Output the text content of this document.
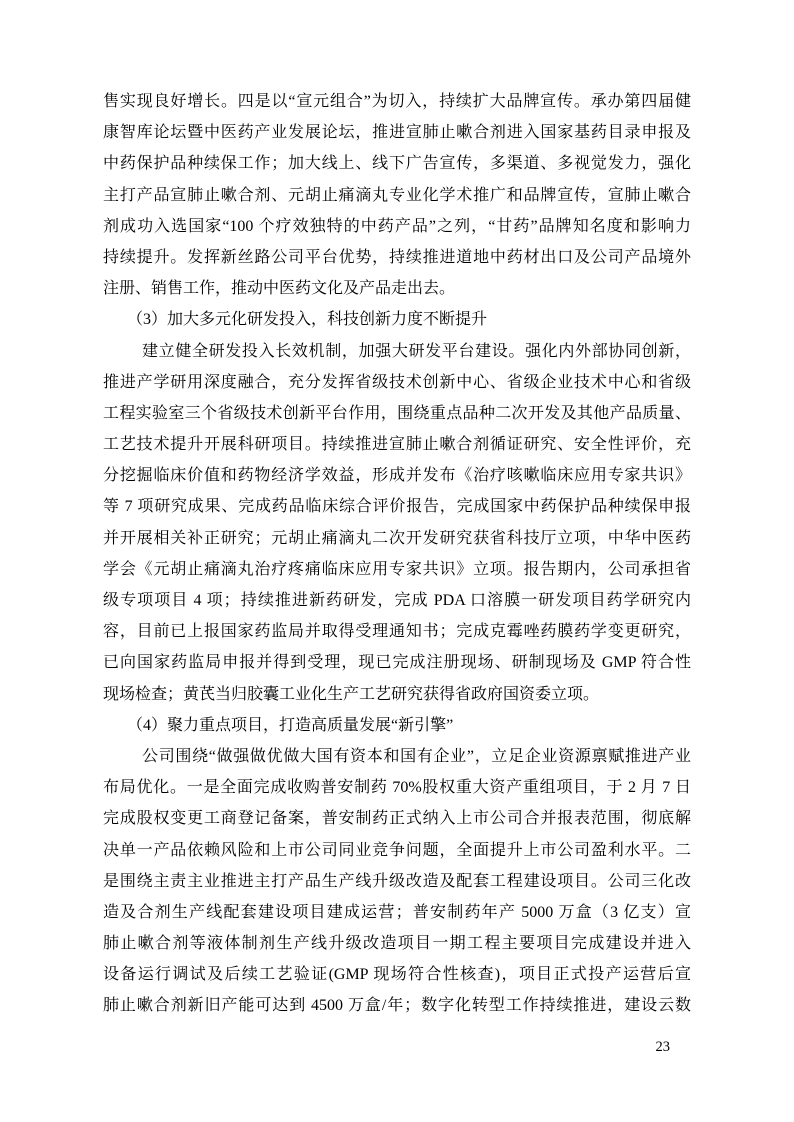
售实现良好增长。四是以“宣元组合”为切入，持续扩大品牌宣传。承办第四届健
康智库论坛暨中医药产业发展论坛，推进宣肺止嗽合剂进入国家基药目录申报及
中药保护品种续保工作；加大线上、线下广告宣传，多渠道、多视觉发力，强化
主打产品宣肺止嗽合剂、元胡止痛滴丸专业化学术推广和品牌宣传，宣肺止嗽合
剂成功入选国家“100 个疗效独特的中药产品”之列，“甘药”品牌知名度和影响力
持续提升。发挥新丝路公司平台优势，持续推进道地中药材出口及公司产品境外
注册、销售工作，推动中医药文化及产品走出去。
（3）加大多元化研发投入，科技创新力度不断提升
建立健全研发投入长效机制，加强大研发平台建设。强化内外部协同创新，
推进产学研用深度融合，充分发挥省级技术创新中心、省级企业技术中心和省级
工程实验室三个省级技术创新平台作用，围绕重点品种二次开发及其他产品质量、
工艺技术提升开展科研项目。持续推进宣肺止嗽合剂循证研究、安全性评价，充
分挖掘临床价值和药物经济学效益，形成并发布《治疗咳嗽临床应用专家共识》
等 7 项研究成果、完成药品临床综合评价报告，完成国家中药保护品种续保申报
并开展相关补正研究；元胡止痛滴丸二次开发研究获省科技厅立项，中华中医药
学会《元胡止痛滴丸治疗疼痛临床应用专家共识》立项。报告期内，公司承担省
级专项项目 4 项；持续推进新药研发，完成 PDA 口溶膜一研发项目药学研究内
容，目前已上报国家药监局并取得受理通知书；完成克霉唑药膜药学变更研究，
已向国家药监局申报并得到受理，现已完成注册现场、研制现场及 GMP 符合性
现场检查；黄芪当归胶囊工业化生产工艺研究获得省政府国资委立项。
（4）聚力重点项目，打造高质量发展“新引擎”
公司围绕“做强做优做大国有资本和国有企业”，立足企业资源禀赋推进产业
布局优化。一是全面完成收购普安制药 70%股权重大资产重组项目，于 2 月 7 日
完成股权变更工商登记备案，普安制药正式纳入上市公司合并报表范围，彻底解
决单一产品依赖风险和上市公司同业竞争问题，全面提升上市公司盈利水平。二
是围绕主责主业推进主打产品生产线升级改造及配套工程建设项目。公司三化改
造及合剂生产线配套建设项目建成运营；普安制药年产 5000 万盒（3 亿支）宣
肺止嗽合剂等液体制剂生产线升级改造项目一期工程主要项目完成建设并进入
设备运行调试及后续工艺验证(GMP 现场符合性核查)，项目正式投产运营后宣
肺止嗽合剂新旧产能可达到 4500 万盒/年；数字化转型工作持续推进，建设云数
23
